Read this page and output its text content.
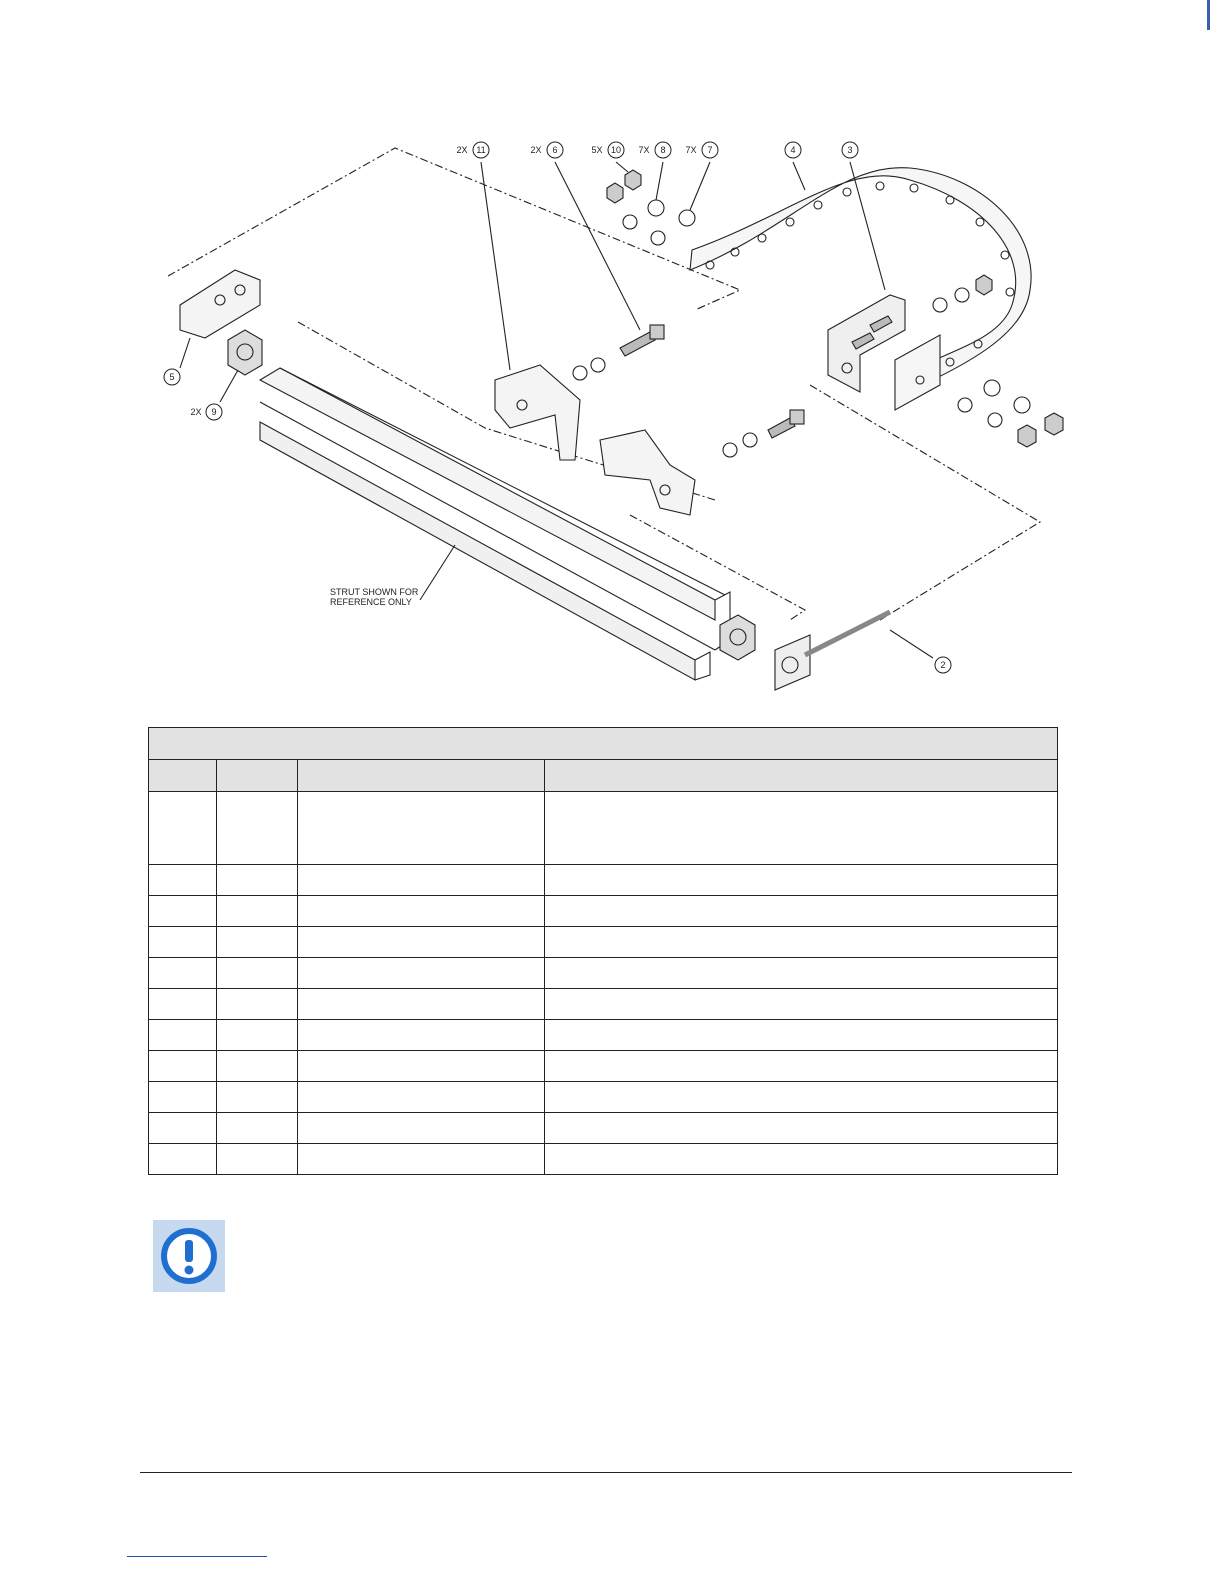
2X 11	2X 6	5X 10 7X 8 7X 7	4	3
5
2X 9
2
STRUT SHOWN FOR
REFERENCE ONLY
